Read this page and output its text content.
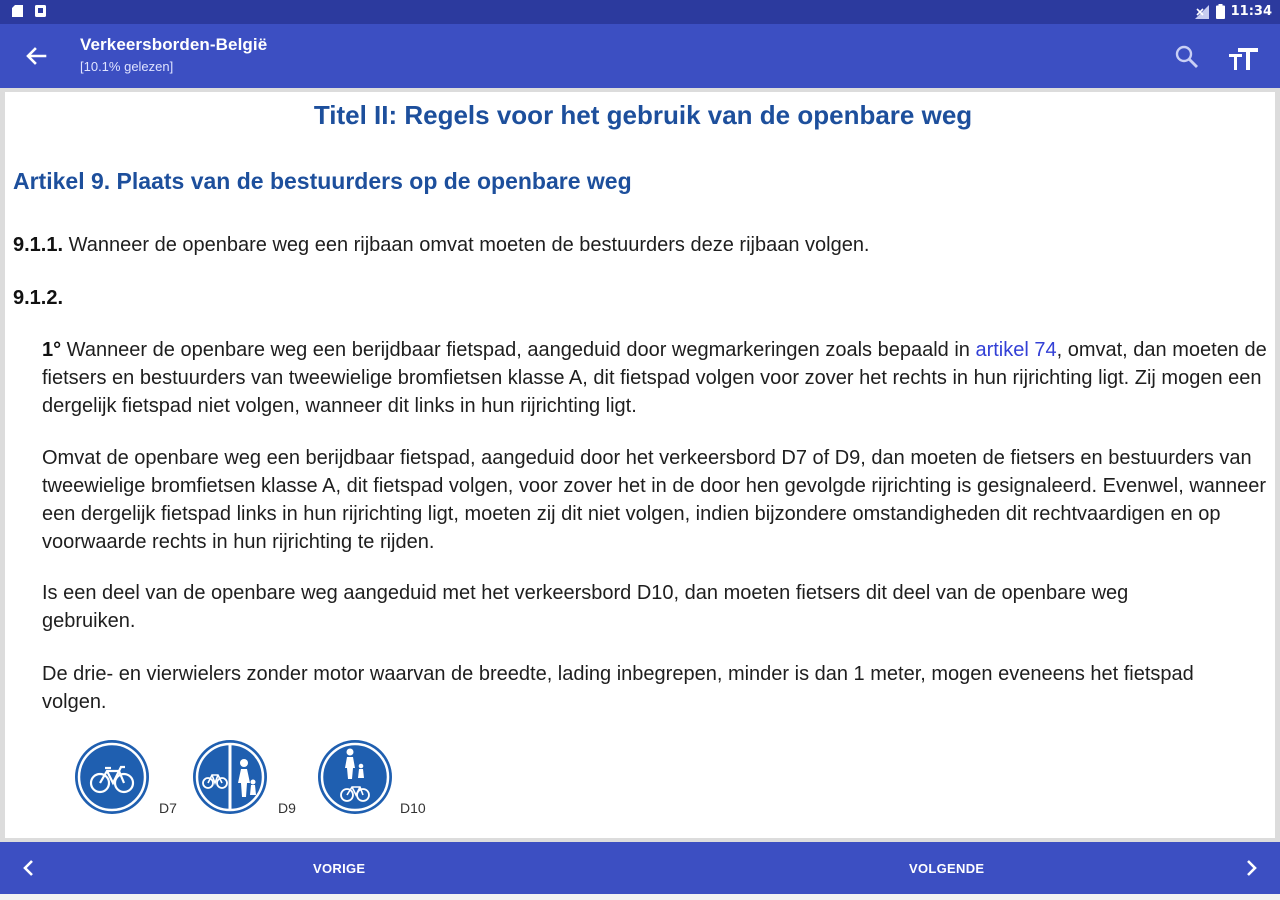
11:34
Verkeersborden-België
[10.1% gelezen]
Titel II: Regels voor het gebruik van de openbare weg
Artikel 9. Plaats van de bestuurders op de openbare weg
9.1.1. Wanneer de openbare weg een rijbaan omvat moeten de bestuurders deze rijbaan volgen.
9.1.2.
1° Wanneer de openbare weg een berijdbaar fietspad, aangeduid door wegmarkeringen zoals bepaald in artikel 74, omvat, dan moeten de fietsers en bestuurders van tweewielige bromfietsen klasse A, dit fietspad volgen voor zover het rechts in hun rijrichting ligt. Zij mogen een dergelijk fietspad niet volgen, wanneer dit links in hun rijrichting ligt.
Omvat de openbare weg een berijdbaar fietspad, aangeduid door het verkeersbord D7 of D9, dan moeten de fietsers en bestuurders van tweewielige bromfietsen klasse A, dit fietspad volgen, voor zover het in de door hen gevolgde rijrichting is gesignaleerd. Evenwel, wanneer een dergelijk fietspad links in hun rijrichting ligt, moeten zij dit niet volgen, indien bijzondere omstandigheden dit rechtvaardigen en op voorwaarde rechts in hun rijrichting te rijden.
Is een deel van de openbare weg aangeduid met het verkeersbord D10, dan moeten fietsers dit deel van de openbare weg gebruiken.
De drie- en vierwielers zonder motor waarvan de breedte, lading inbegrepen, minder is dan 1 meter, mogen eveneens het fietspad volgen.
D7	D9	D10
VORIGE	VOLGENDE
